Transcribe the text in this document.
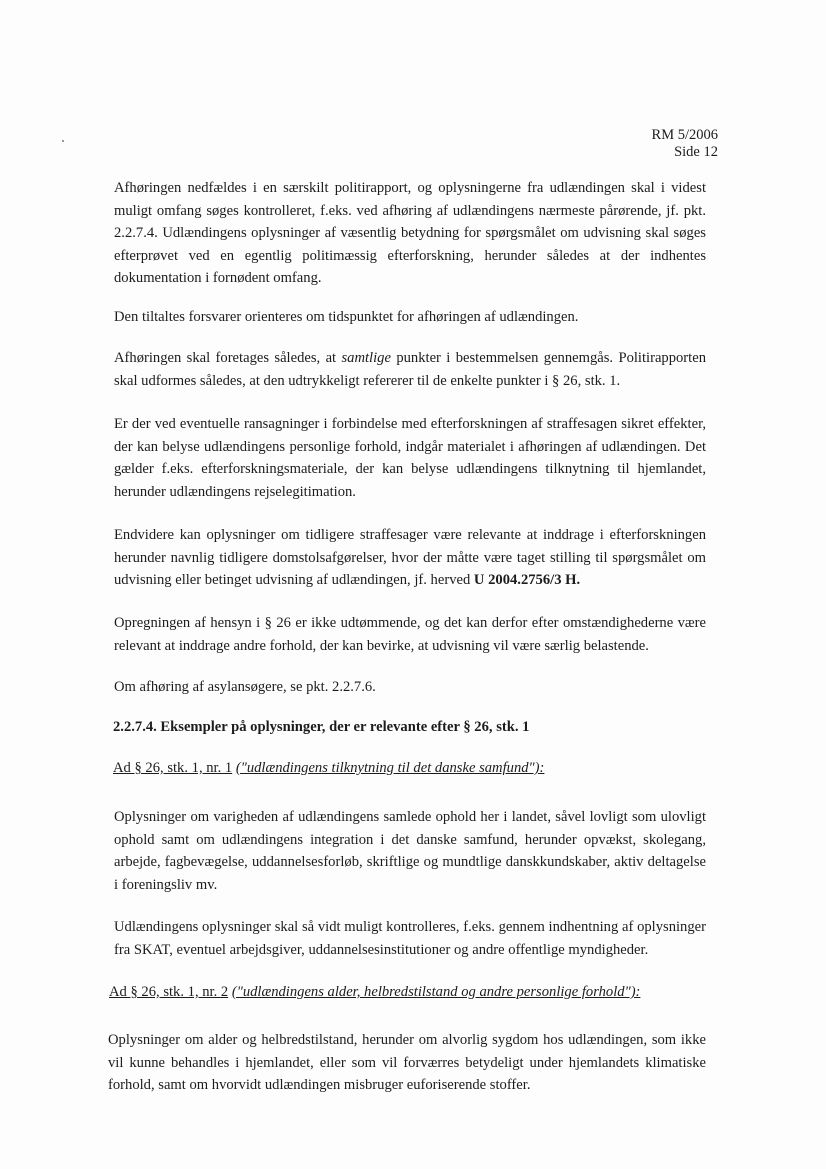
RM 5/2006
Side 12

Afhøringen nedfældes i en særskilt politirapport, og oplysningerne fra udlændingen skal i videst muligt omfang søges kontrolleret, f.eks. ved afhøring af udlændingens nærmeste pårørende, jf. pkt. 2.2.7.4. Udlændingens oplysninger af væsentlig betydning for spørgsmålet om udvisning skal søges efterprøvet ved en egentlig politimæssig efterforskning, herunder således at der indhentes dokumentation i fornødent omfang.

Den tiltaltes forsvarer orienteres om tidspunktet for afhøringen af udlændingen.

Afhøringen skal foretages således, at samtlige punkter i bestemmelsen gennemgås. Politirapporten skal udformes således, at den udtrykkeligt refererer til de enkelte punkter i § 26, stk. 1.

Er der ved eventuelle ransagninger i forbindelse med efterforskningen af straffesagen sikret effekter, der kan belyse udlændingens personlige forhold, indgår materialet i afhøringen af udlændingen. Det gælder f.eks. efterforskningsmateriale, der kan belyse udlændingens tilknytning til hjemlandet, herunder udlændingens rejselegitimation.

Endvidere kan oplysninger om tidligere straffesager være relevante at inddrage i efterforskningen herunder navnlig tidligere domstolsafgørelser, hvor der måtte være taget stilling til spørgsmålet om udvisning eller betinget udvisning af udlændingen, jf. herved U 2004.2756/3 H.

Opregningen af hensyn i § 26 er ikke udtømmende, og det kan derfor efter omstændighederne være relevant at inddrage andre forhold, der kan bevirke, at udvisning vil være særlig belastende.

Om afhøring af asylansøgere, se pkt. 2.2.7.6.

2.2.7.4. Eksempler på oplysninger, der er relevante efter § 26, stk. 1
Ad § 26, stk. 1, nr. 1 ("udlændingens tilknytning til det danske samfund"):

Oplysninger om varigheden af udlændingens samlede ophold her i landet, såvel lovligt som ulovligt ophold samt om udlændingens integration i det danske samfund, herunder opvækst, skolegang, arbejde, fagbevægelse, uddannelsesforløb, skriftlige og mundtlige danskkundskaber, aktiv deltagelse i foreningsliv mv.

Udlændingens oplysninger skal så vidt muligt kontrolleres, f.eks. gennem indhentning af oplysninger fra SKAT, eventuel arbejdsgiver, uddannelsesinstitutioner og andre offentlige myndigheder.

Ad § 26, stk. 1, nr. 2 ("udlændingens alder, helbredstilstand og andre personlige forhold"):

Oplysninger om alder og helbredstilstand, herunder om alvorlig sygdom hos udlændingen, som ikke vil kunne behandles i hjemlandet, eller som vil forværres betydeligt under hjemlandets klimatiske forhold, samt om hvorvidt udlændingen misbruger euforiserende stoffer.
